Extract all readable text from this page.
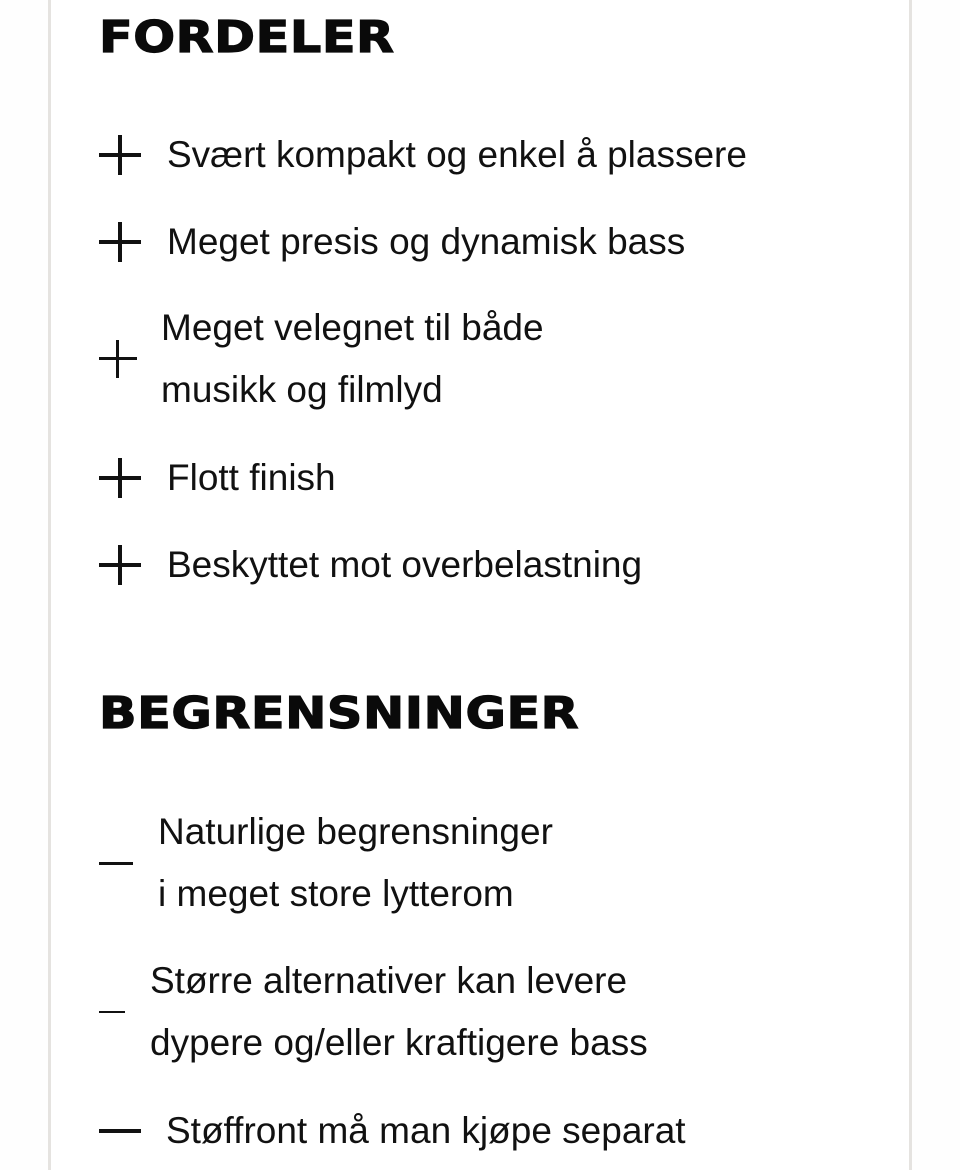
FORDELER
Svært kompakt og enkel å plassere
Meget presis og dynamisk bass
Meget velegnet til både
musikk og filmlyd
Flott finish
Beskyttet mot overbelastning
BEGRENSNINGER
Naturlige begrensninger
i meget store lytterom
Større alternativer kan levere
dypere og/eller kraftigere bass
Støffront må man kjøpe separat
